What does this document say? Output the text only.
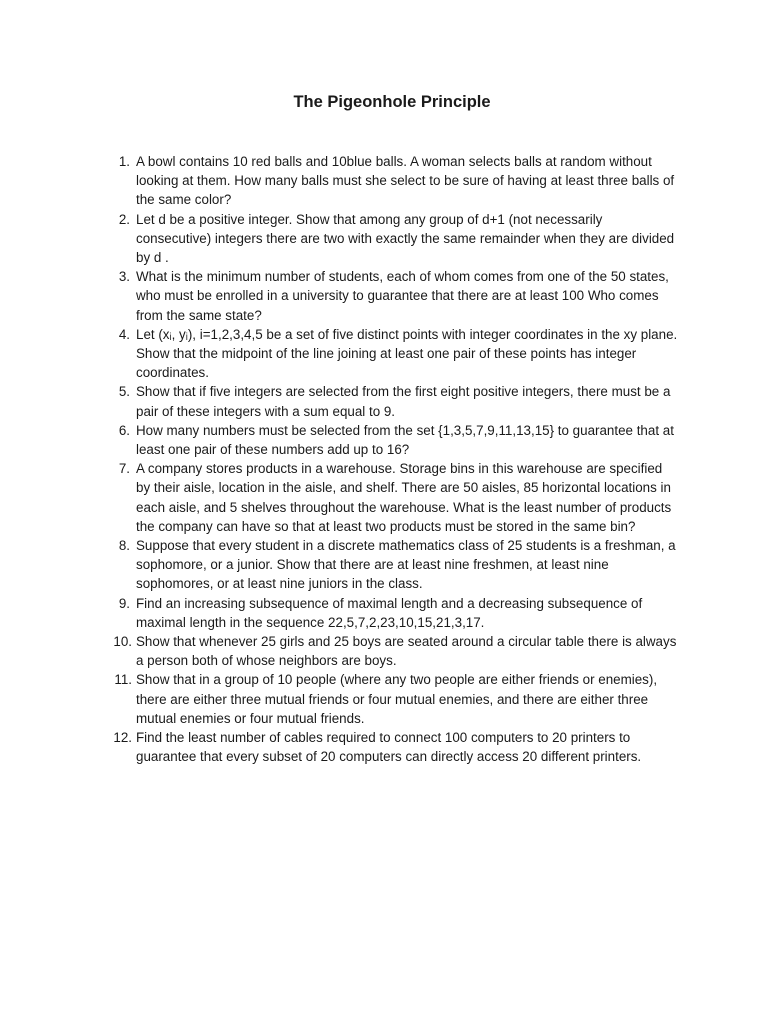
The Pigeonhole Principle
1. A bowl contains 10 red balls and 10blue balls. A woman selects balls at random without looking at them. How many balls must she select to be sure of having at least three balls of the same color?
2. Let d be a positive integer. Show that among any group of d+1 (not necessarily consecutive) integers there are two with exactly the same remainder when they are divided by d .
3. What is the minimum number of students, each of whom comes from one of the 50 states, who must be enrolled in a university to guarantee that there are at least 100 Who comes from the same state?
4. Let (xᵢ, yᵢ), i=1,2,3,4,5 be a set of five distinct points with integer coordinates in the xy plane. Show that the midpoint of the line joining at least one pair of these points has integer coordinates.
5. Show that if five integers are selected from the first eight positive integers, there must be a pair of these integers with a sum equal to 9.
6. How many numbers must be selected from the set {1,3,5,7,9,11,13,15} to guarantee that at least one pair of these numbers add up to 16?
7. A company stores products in a warehouse. Storage bins in this warehouse are specified by their aisle, location in the aisle, and shelf. There are 50 aisles, 85 horizontal locations in each aisle, and 5 shelves throughout the warehouse. What is the least number of products the company can have so that at least two products must be stored in the same bin?
8. Suppose that every student in a discrete mathematics class of 25 students is a freshman, a sophomore, or a junior. Show that there are at least nine freshmen, at least nine sophomores, or at least nine juniors in the class.
9. Find an increasing subsequence of maximal length and a decreasing subsequence of maximal length in the sequence 22,5,7,2,23,10,15,21,3,17.
10. Show that whenever 25 girls and 25 boys are seated around a circular table there is always a person both of whose neighbors are boys.
11. Show that in a group of 10 people (where any two people are either friends or enemies), there are either three mutual friends or four mutual enemies, and there are either three mutual enemies or four mutual friends.
12. Find the least number of cables required to connect 100 computers to 20 printers to guarantee that every subset of 20 computers can directly access 20 different printers.
